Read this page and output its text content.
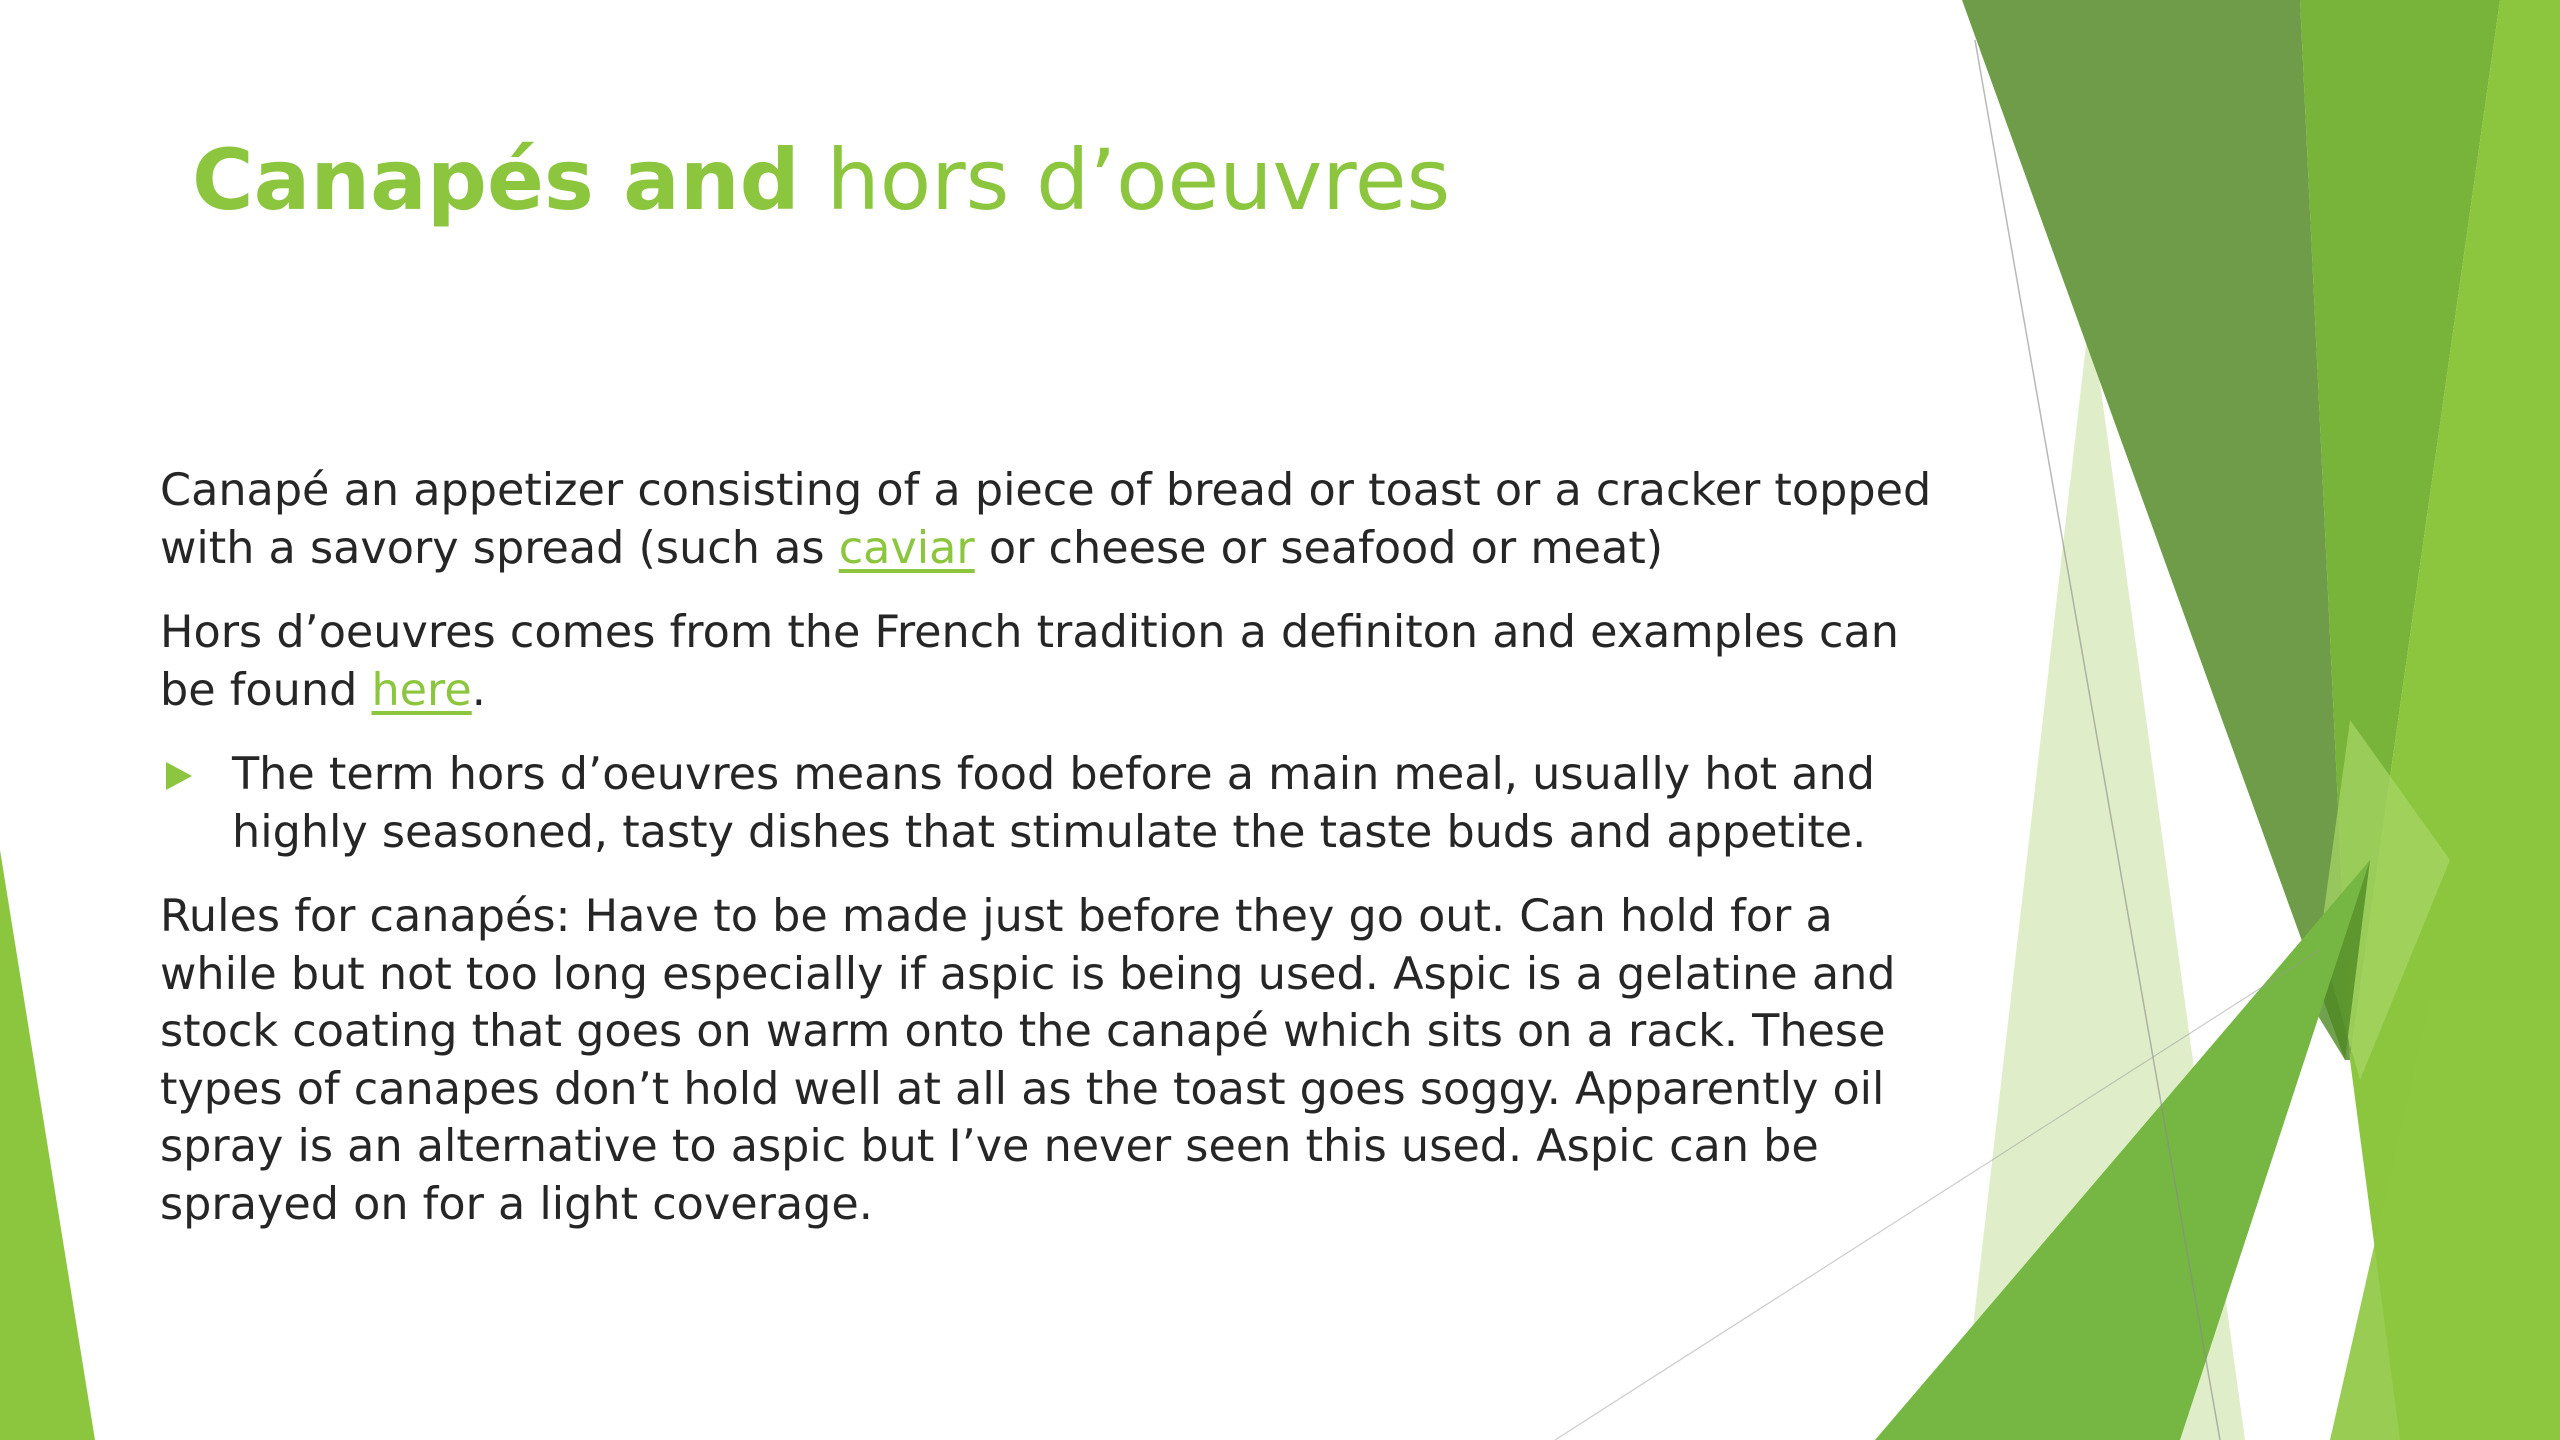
Canapés and hors d’oeuvres

Canapé an appetizer consisting of a piece of bread or toast or a cracker topped with a savory spread (such as caviar or cheese or seafood or meat)

Hors d’oeuvres comes from the French tradition a definiton and examples can be found here.

The term hors d’oeuvres means food before a main meal, usually hot and highly seasoned, tasty dishes that stimulate the taste buds and appetite.

Rules for canapés: Have to be made just before they go out. Can hold for a while but not too long especially if aspic is being used. Aspic is a gelatine and stock coating that goes on warm onto the canapé which sits on a rack. These types of canapes don’t hold well at all as the toast goes soggy. Apparently oil spray is an alternative to aspic but I’ve never seen this used. Aspic can be sprayed on for a light coverage.
